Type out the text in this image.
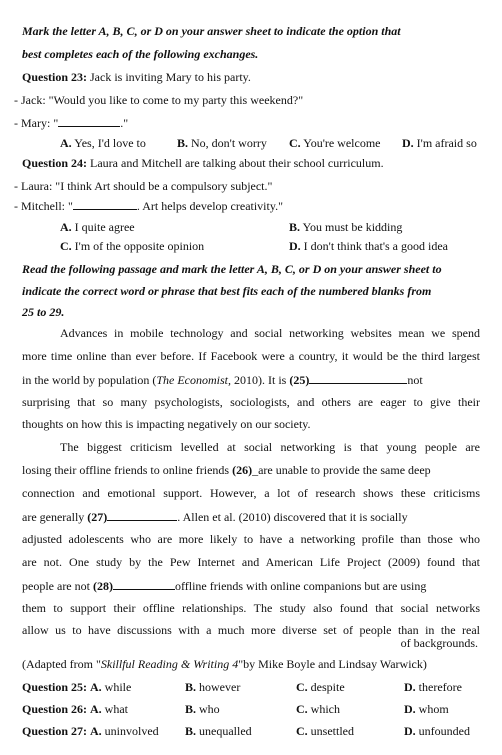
Mark the letter A, B, C, or D on your answer sheet to indicate the option that
best completes each of the following exchanges.
Question 23: Jack is inviting Mary to his party.
- Jack: "Would you like to come to my party this weekend?"
- Mary: "	."
A. Yes, I'd love to	B. No, don't worry C. You're welcome D. I'm afraid so
Question 24: Laura and Mitchell are talking about their school curriculum.
- Laura: "I think Art should be a compulsory subject."
- Mitchell: "	. Art helps develop creativity."
A. I quite agree	B. You must be kidding
C. I'm of the opposite opinion	D. I don't think that's a good idea
Read the following passage and mark the letter A, B, C, or D on your answer sheet to
indicate the correct word or phrase that best fits each of the numbered blanks from
25 to 29.
Advances in mobile technology and social networking websites mean we spend
more time online than ever before. If Facebook were a country, it would be the third largest
in the world by population (The Economist, 2010). It is (25)	not
surprising that so many psychologists, sociologists, and others are eager to give their
thoughts on how this is impacting negatively on our society.
The biggest criticism levelled at social networking is that young people are
losing their offline friends to online friends (26)_are unable to provide the same deep
connection and emotional support. However, a lot of research shows these criticisms
are generally (27)	. Allen et al. (2010) discovered that it is socially
adjusted adolescents who are more likely to have a networking profile than those who
are not. One study by the Pew Internet and American Life Project (2009) found that
people are not (28)	offline friends with online companions but are using
them to support their offline relationships. The study also found that social networks
allow us to have discussions with a much more diverse set of people than in the real
of backgrounds.
(Adapted from "Skillful Reading & Writing 4"by Mike Boyle and Lindsay Warwick)
Question 25: A. while	B. however	C. despite	D. therefore
Question 26: A. what	B. who	C. which	D. whom
Question 27: A. uninvolved B. unequalled	C. unsettled	D. unfounded
